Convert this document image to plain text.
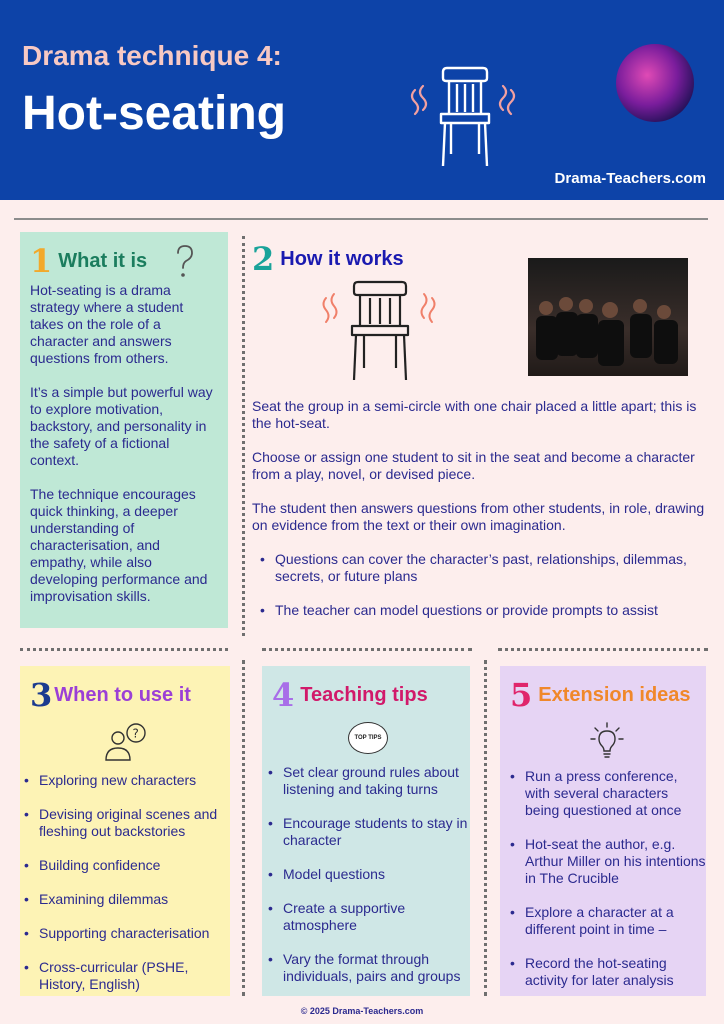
Drama technique 4:
Hot-seating
Drama-Teachers.com
1 What it is
Hot-seating is a drama strategy where a student takes on the role of a character and answers questions from others.
It’s a simple but powerful way to explore motivation, backstory, and personality in the safety of a fictional context.
The technique encourages quick thinking, a deeper understanding of characterisation, and empathy, while also developing performance and improvisation skills.
2 How it works
Seat the group in a semi-circle with one chair placed a little apart; this is the hot-seat.
Choose or assign one student to sit in the seat and become a character from a play, novel, or devised piece.
The student then answers questions from other students, in role, drawing on evidence from the text or their own imagination.
• Questions can cover the character’s past, relationships, dilemmas, secrets, or future plans
• The teacher can model questions or provide prompts to assist
3 When to use it
?
• Exploring new characters
• Devising original scenes and fleshing out backstories
• Building confidence
• Examining dilemmas
• Supporting characterisation
• Cross-curricular (PSHE, History, English)
4 Teaching tips
TOP TIPS
• Set clear ground rules about listening and taking turns
• Encourage students to stay in character
• Model questions
• Create a supportive atmosphere
• Vary the format through individuals, pairs and groups
5 Extension ideas
• Run a press conference, with several characters being questioned at once
• Hot-seat the author, e.g. Arthur Miller on his intentions in The Crucible
• Explore a character at a different point in time –
• Record the hot-seating activity for later analysis
© 2025 Drama-Teachers.com
